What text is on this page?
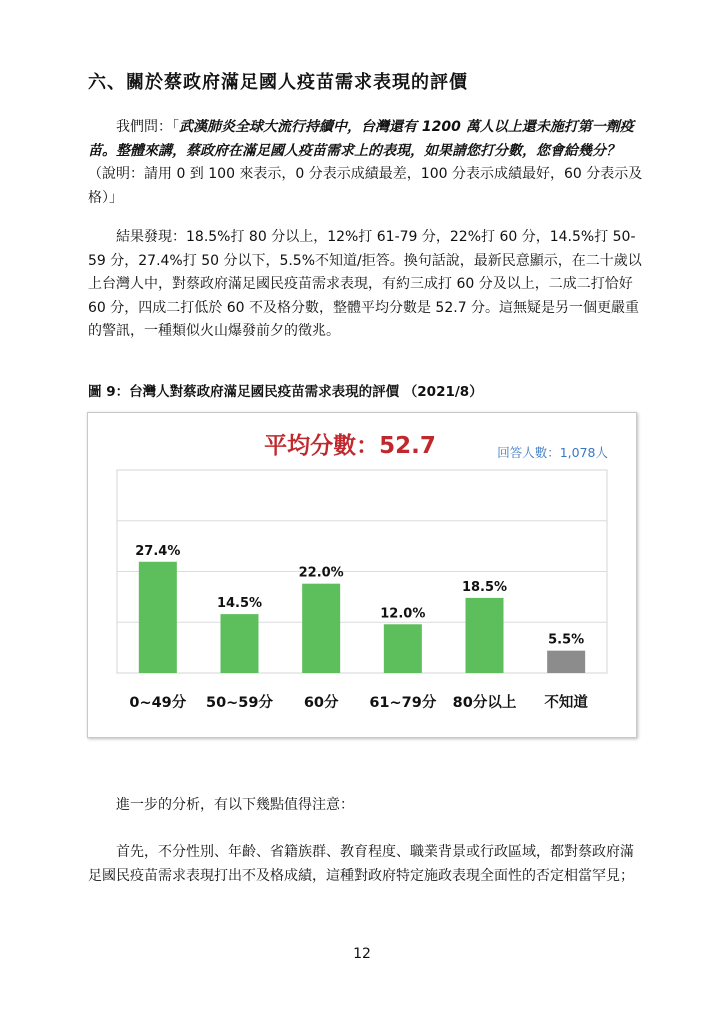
六、關於蔡政府滿足國人疫苗需求表現的評價

我們問：「武漢肺炎全球大流行持續中，台灣還有 1200 萬人以上還未施打第一劑疫苗。整體來講，蔡政府在滿足國人疫苗需求上的表現，如果請您打分數，您會給幾分？（說明：請用 0 到 100 來表示，0 分表示成績最差，100 分表示成績最好，60 分表示及格）」

結果發現：18.5%打 80 分以上，12%打 61-79 分，22%打 60 分，14.5%打 50-59 分，27.4%打 50 分以下，5.5%不知道/拒答。換句話說，最新民意顯示，在二十歲以上台灣人中，對蔡政府滿足國民疫苗需求表現，有約三成打 60 分及以上，二成二打恰好 60 分，四成二打低於 60 不及格分數，整體平均分數是 52.7 分。這無疑是另一個更嚴重的警訊，一種類似火山爆發前夕的徵兆。

圖 9：台灣人對蔡政府滿足國民疫苗需求表現的評價 （2021/8）

27.4%
14.5%
22.0%
12.0%
18.5%
5.5%
0~49分 50~59分 60分 61~79分 80分以上 不知道
平均分數：52.7	回答人數：1,078人

進一步的分析，有以下幾點值得注意：

首先，不分性別、年齡、省籍族群、教育程度、職業背景或行政區域，都對蔡政府滿足國民疫苗需求表現打出不及格成績，這種對政府特定施政表現全面性的否定相當罕見；

12
